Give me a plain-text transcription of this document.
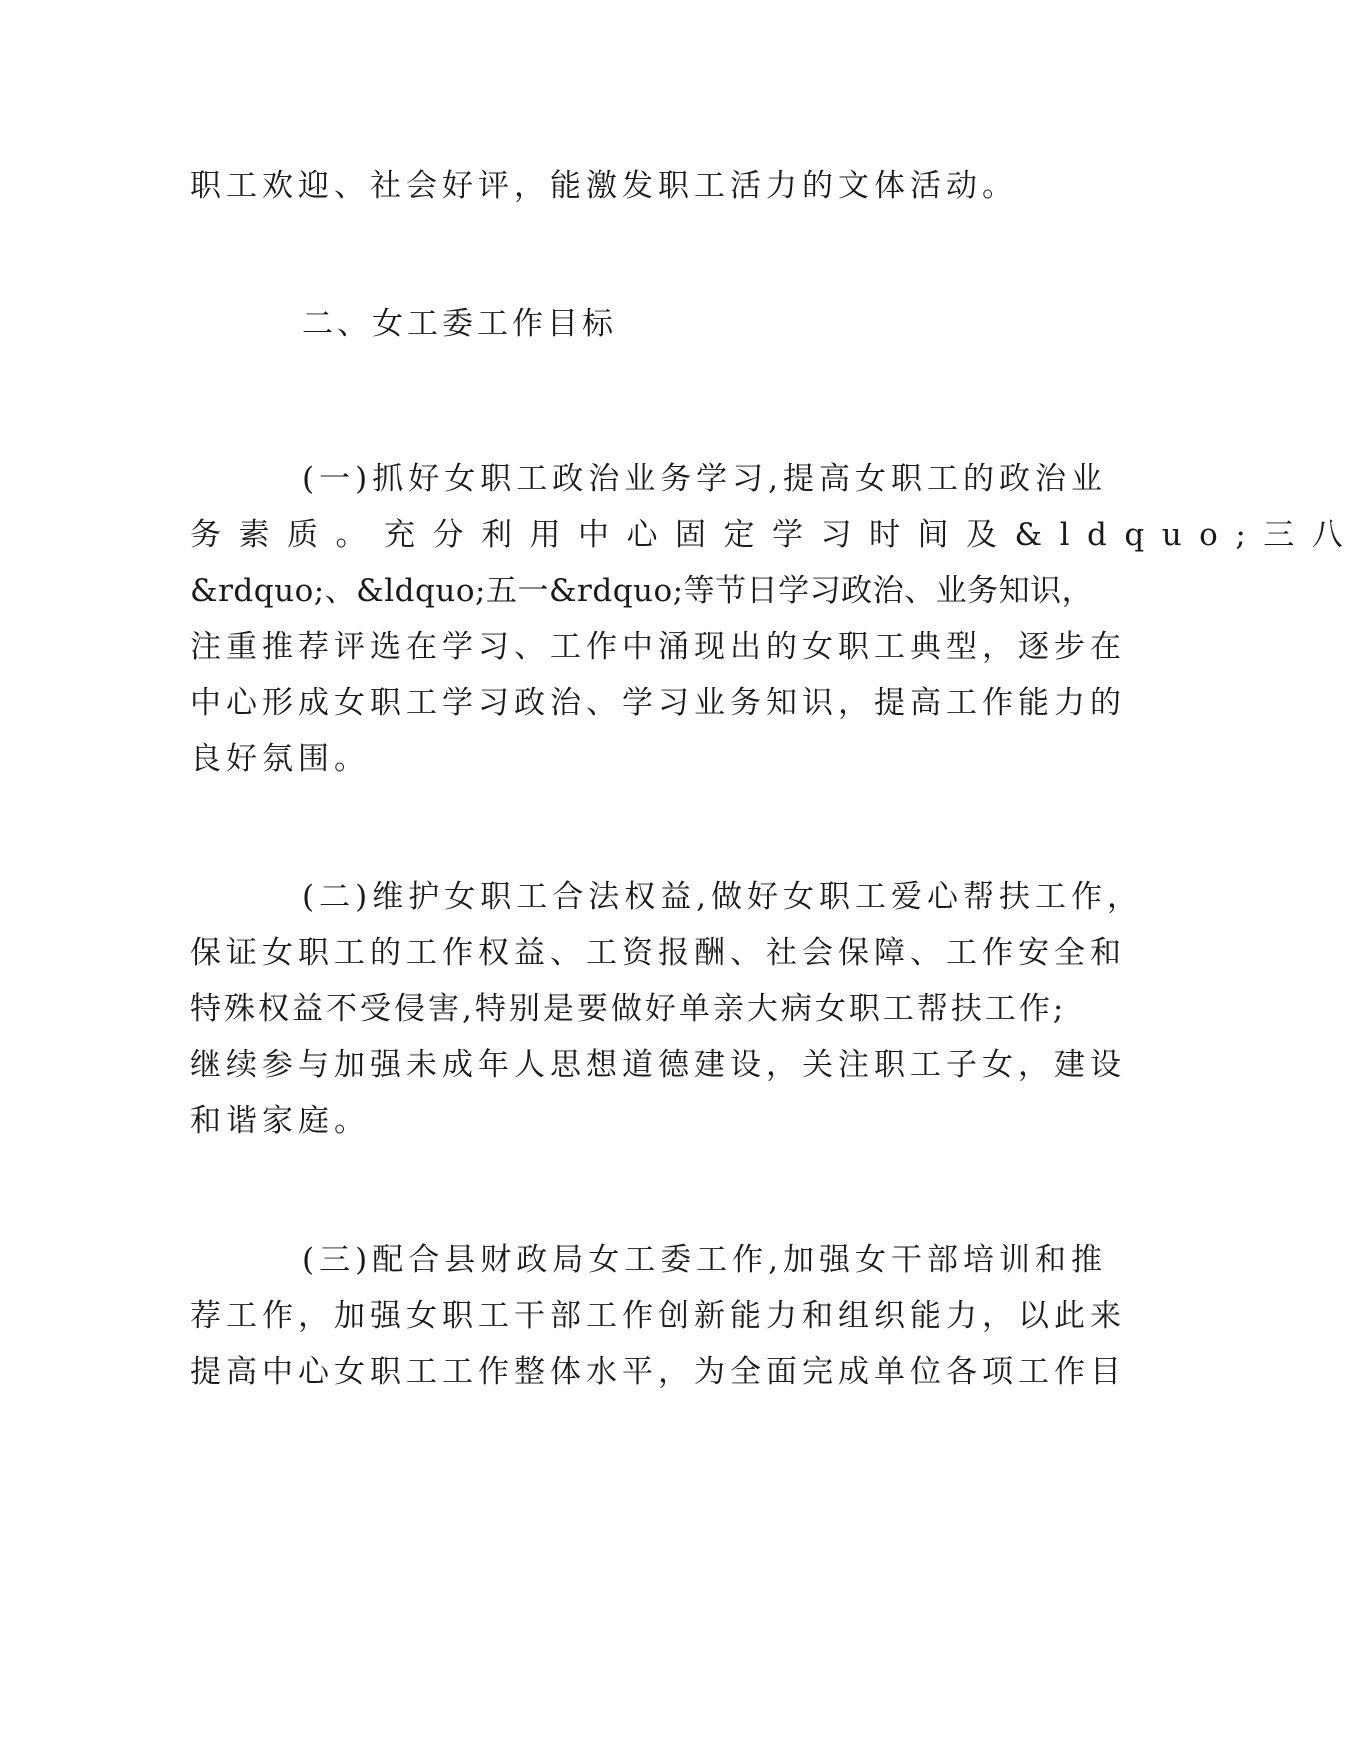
职工欢迎、社会好评，能激发职工活力的文体活动。
二、女工委工作目标
(一)抓好女职工政治业务学习,提高女职工的政治业
务素质。充分利用中心固定学习时间及&ldquo;三八
&rdquo;、&ldquo;五一&rdquo;等节日学习政治、业务知识，
注重推荐评选在学习、工作中涌现出的女职工典型，逐步在
中心形成女职工学习政治、学习业务知识，提高工作能力的
良好氛围。
(二)维护女职工合法权益,做好女职工爱心帮扶工作，
保证女职工的工作权益、工资报酬、社会保障、工作安全和
特殊权益不受侵害,特别是要做好单亲大病女职工帮扶工作;
继续参与加强未成年人思想道德建设，关注职工子女，建设
和谐家庭。
(三)配合县财政局女工委工作,加强女干部培训和推
荐工作，加强女职工干部工作创新能力和组织能力，以此来
提高中心女职工工作整体水平，为全面完成单位各项工作目
